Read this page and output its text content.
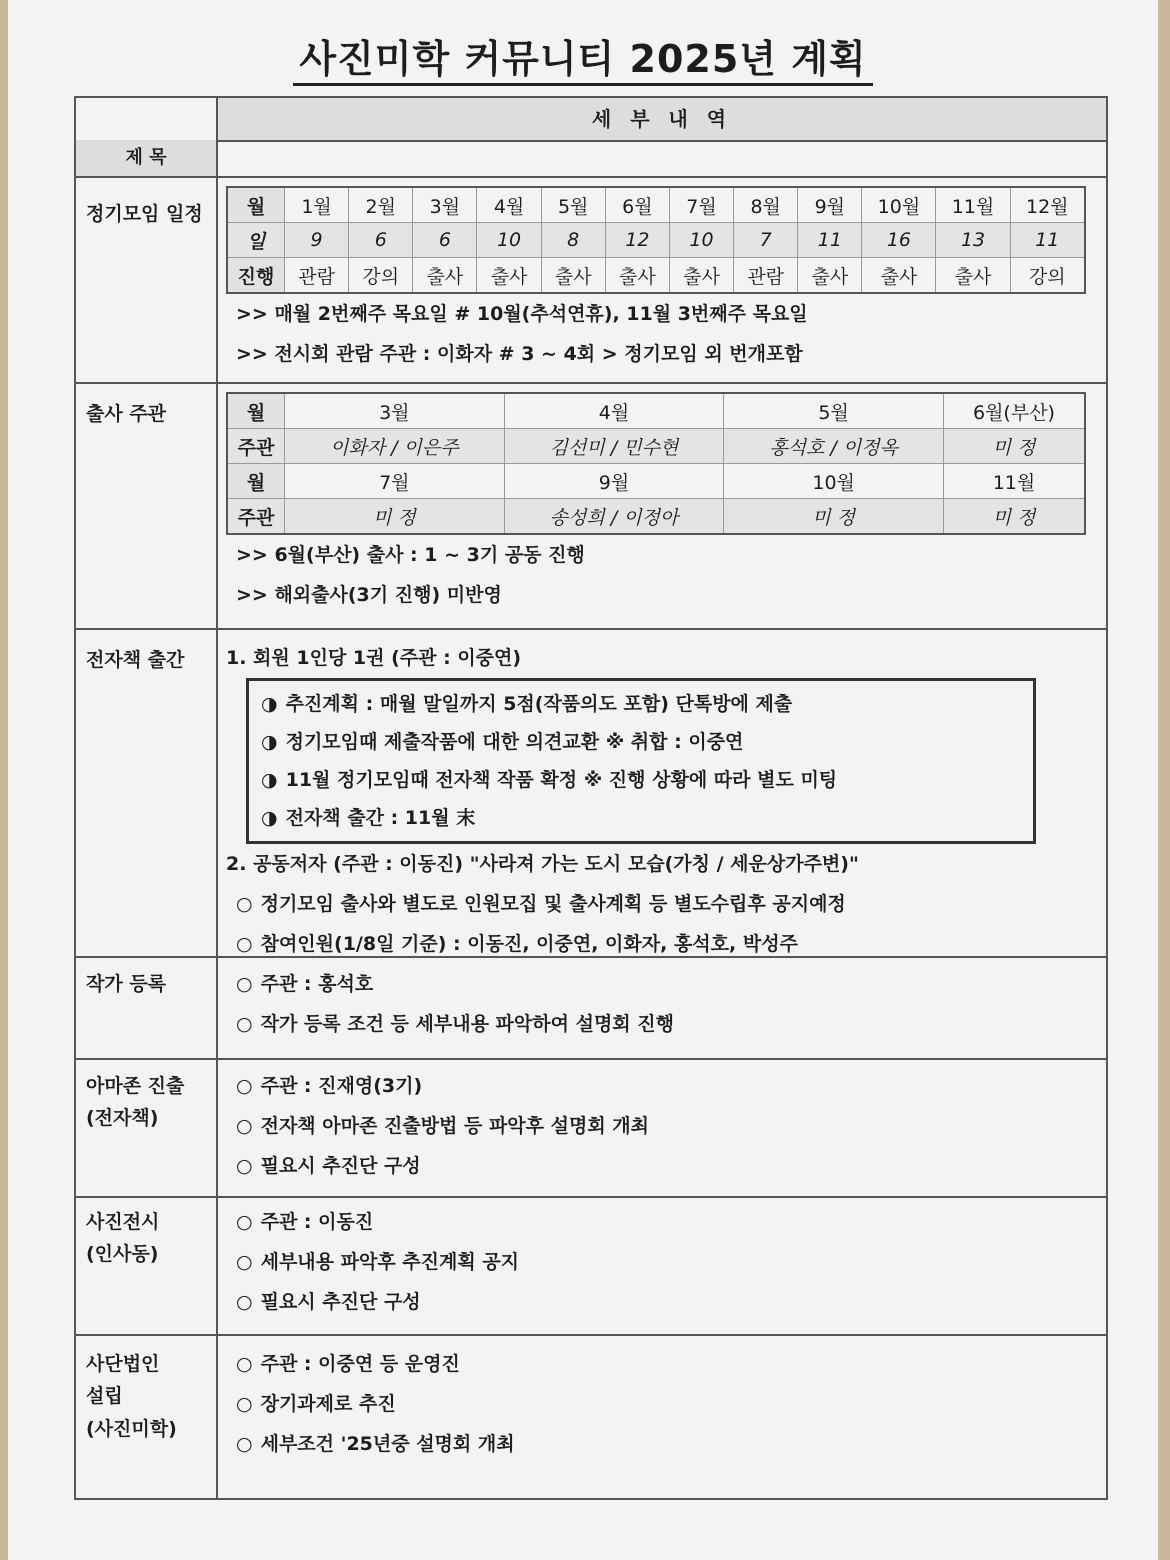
사진미학 커뮤니티 2025년 계획
세 부 내 역
제 목
정기모임 일정 월	1월	2월	3월	4월	5월	6월	7월	8월	9월	10월	11월	12월
일	9	6	6	10	8	12	10	7	11	16	13	11
진행	관람	강의	출사	출사	출사	출사	출사	관람	출사	출사	출사	강의
>> 매월 2번째주 목요일 # 10월(추석연휴), 11월 3번째주 목요일
>> 전시회 관람 주관 : 이화자 # 3 ~ 4회 > 정기모임 외 번개포함
출사 주관	월	3월	4월	5월	6월(부산)
주관	이화자 / 이은주	김선미 / 민수현	홍석호 / 이정옥	미 정
월	7월	9월	10월	11월
주관	미 정	송성희 / 이정아	미 정	미 정
>> 6월(부산) 출사 : 1 ~ 3기 공동 진행
>> 해외출사(3기 진행) 미반영
전자책 출간 1. 회원 1인당 1권 (주관 : 이중연)
◑ 추진계획 : 매월 말일까지 5점(작품의도 포함) 단톡방에 제출
◑ 정기모임때 제출작품에 대한 의견교환 ※ 취합 : 이중연
◑ 11월 정기모임때 전자책 작품 확정 ※ 진행 상황에 따라 별도 미팅
◑ 전자책 출간 : 11월 末
2. 공동저자 (주관 : 이동진) "사라져 가는 도시 모습(가칭 / 세운상가주변)"
○ 정기모임 출사와 별도로 인원모집 및 출사계획 등 별도수립후 공지예정
○ 참여인원(1/8일 기준) : 이동진, 이중연, 이화자, 홍석호, 박성주
작가 등록	○ 주관 : 홍석호
○ 작가 등록 조건 등 세부내용 파악하여 설명회 진행
아마존 진출
(전자책)
○ 주관 : 진재영(3기)
○ 전자책 아마존 진출방법 등 파악후 설명회 개최
○ 필요시 추진단 구성
사진전시
(인사동)
○ 주관 : 이동진
○ 세부내용 파악후 추진계획 공지
○ 필요시 추진단 구성
사단법인
설립
(사진미학)
○ 주관 : 이중연 등 운영진
○ 장기과제로 추진
○ 세부조건 '25년중 설명회 개최
